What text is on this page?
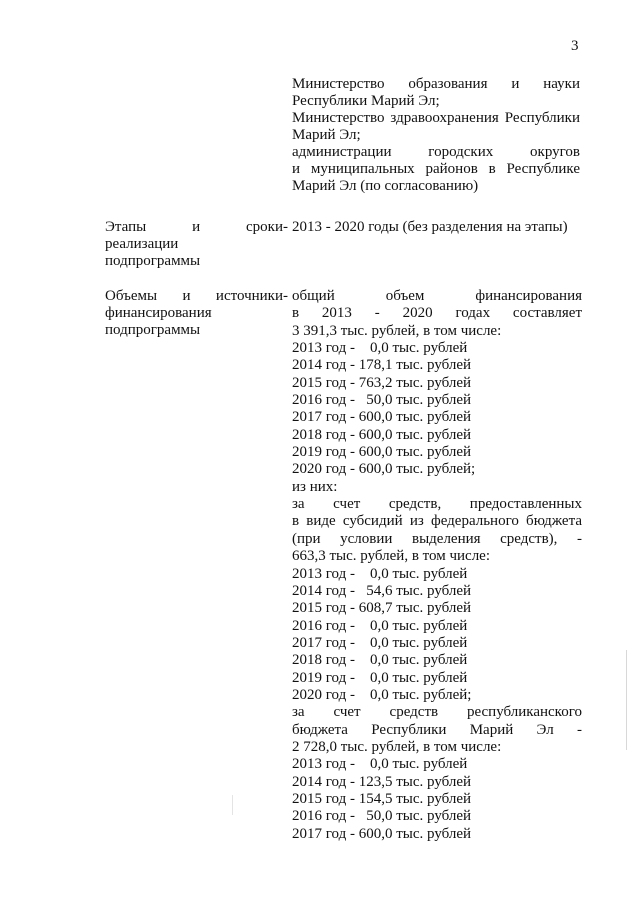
3
Министерство образования и науки
Республики Марий Эл;
Министерство здравоохранения Республики
Марий Эл;
администрации городских округов
и муниципальных районов в Республике
Марий Эл (по согласованию)
Этапы и сроки
реализации
подпрограммы
- 2013 - 2020 годы (без разделения на этапы)
Объемы и источники
финансирования
подпрограммы
- общий объем финансирования
в 2013 - 2020 годах составляет
3 391,3 тыс. рублей, в том числе:
2013 год -    0,0 тыс. рублей
2014 год - 178,1 тыс. рублей
2015 год - 763,2 тыс. рублей
2016 год -   50,0 тыс. рублей
2017 год - 600,0 тыс. рублей
2018 год - 600,0 тыс. рублей
2019 год - 600,0 тыс. рублей
2020 год - 600,0 тыс. рублей;
из них:
за счет средств, предоставленных
в виде субсидий из федерального бюджета
(при условии выделения средств), -
663,3 тыс. рублей, в том числе:
2013 год -    0,0 тыс. рублей
2014 год -   54,6 тыс. рублей
2015 год - 608,7 тыс. рублей
2016 год -    0,0 тыс. рублей
2017 год -    0,0 тыс. рублей
2018 год -    0,0 тыс. рублей
2019 год -    0,0 тыс. рублей
2020 год -    0,0 тыс. рублей;
за счет средств республиканского
бюджета Республики Марий Эл -
2 728,0 тыс. рублей, в том числе:
2013 год -    0,0 тыс. рублей
2014 год - 123,5 тыс. рублей
2015 год - 154,5 тыс. рублей
2016 год -   50,0 тыс. рублей
2017 год - 600,0 тыс. рублей
